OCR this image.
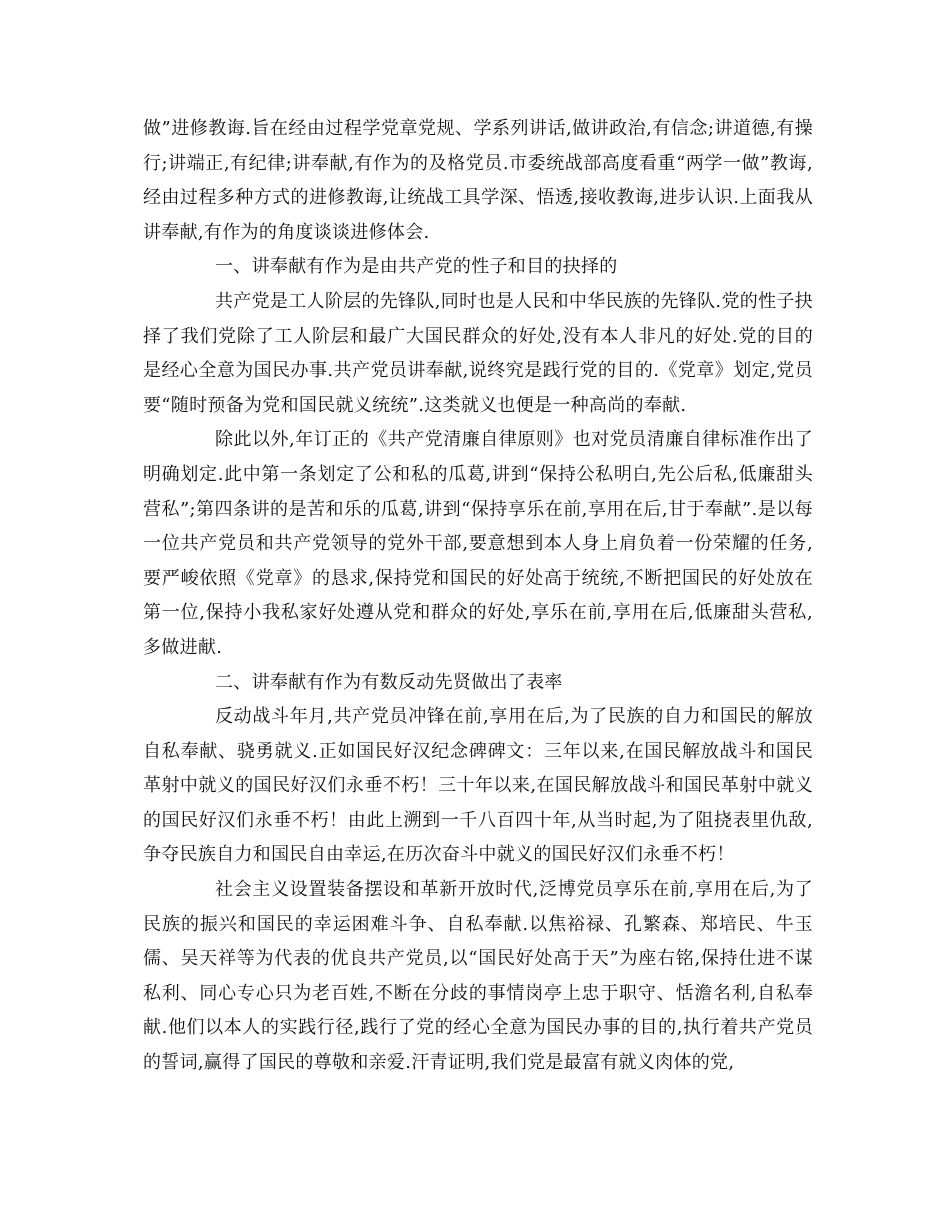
做”进修教诲.旨在经由过程学党章党规、学系列讲话,做讲政治,有信念;讲道德,有操行;讲端正,有纪律;讲奉献,有作为的及格党员.市委统战部高度看重“两学一做”教诲,经由过程多种方式的进修教诲,让统战工具学深、悟透,接收教诲,进步认识.上面我从讲奉献,有作为的角度谈谈进修体会.

一、讲奉献有作为是由共产党的性子和目的抉择的

共产党是工人阶层的先锋队,同时也是人民和中华民族的先锋队.党的性子抉择了我们党除了工人阶层和最广大国民群众的好处,没有本人非凡的好处.党的目的是经心全意为国民办事.共产党员讲奉献,说终究是践行党的目的.《党章》划定,党员要“随时预备为党和国民就义统统”.这类就义也便是一种高尚的奉献.

除此以外,年订正的《共产党清廉自律原则》也对党员清廉自律标准作出了明确划定.此中第一条划定了公和私的瓜葛,讲到“保持公私明白,先公后私,低廉甜头营私”;第四条讲的是苦和乐的瓜葛,讲到“保持享乐在前,享用在后,甘于奉献”.是以每一位共产党员和共产党领导的党外干部,要意想到本人身上肩负着一份荣耀的任务,要严峻依照《党章》的恳求,保持党和国民的好处高于统统,不断把国民的好处放在第一位,保持小我私家好处遵从党和群众的好处,享乐在前,享用在后,低廉甜头营私,多做进献.

二、讲奉献有作为有数反动先贤做出了表率

反动战斗年月,共产党员冲锋在前,享用在后,为了民族的自力和国民的解放自私奉献、骁勇就义.正如国民好汉纪念碑碑文：三年以来,在国民解放战斗和国民革射中就义的国民好汉们永垂不朽！三十年以来,在国民解放战斗和国民革射中就义的国民好汉们永垂不朽！由此上溯到一千八百四十年,从当时起,为了阻挠表里仇敌,争夺民族自力和国民自由幸运,在历次奋斗中就义的国民好汉们永垂不朽！

社会主义设置装备摆设和革新开放时代,泛博党员享乐在前,享用在后,为了民族的振兴和国民的幸运困难斗争、自私奉献.以焦裕禄、孔繁森、郑培民、牛玉儒、吴天祥等为代表的优良共产党员,以“国民好处高于天”为座右铭,保持仕进不谋私利、同心专心只为老百姓,不断在分歧的事情岗亭上忠于职守、恬澹名利,自私奉献.他们以本人的实践行径,践行了党的经心全意为国民办事的目的,执行着共产党员的誓词,赢得了国民的尊敬和亲爱.汗青证明,我们党是最富有就义肉体的党,
